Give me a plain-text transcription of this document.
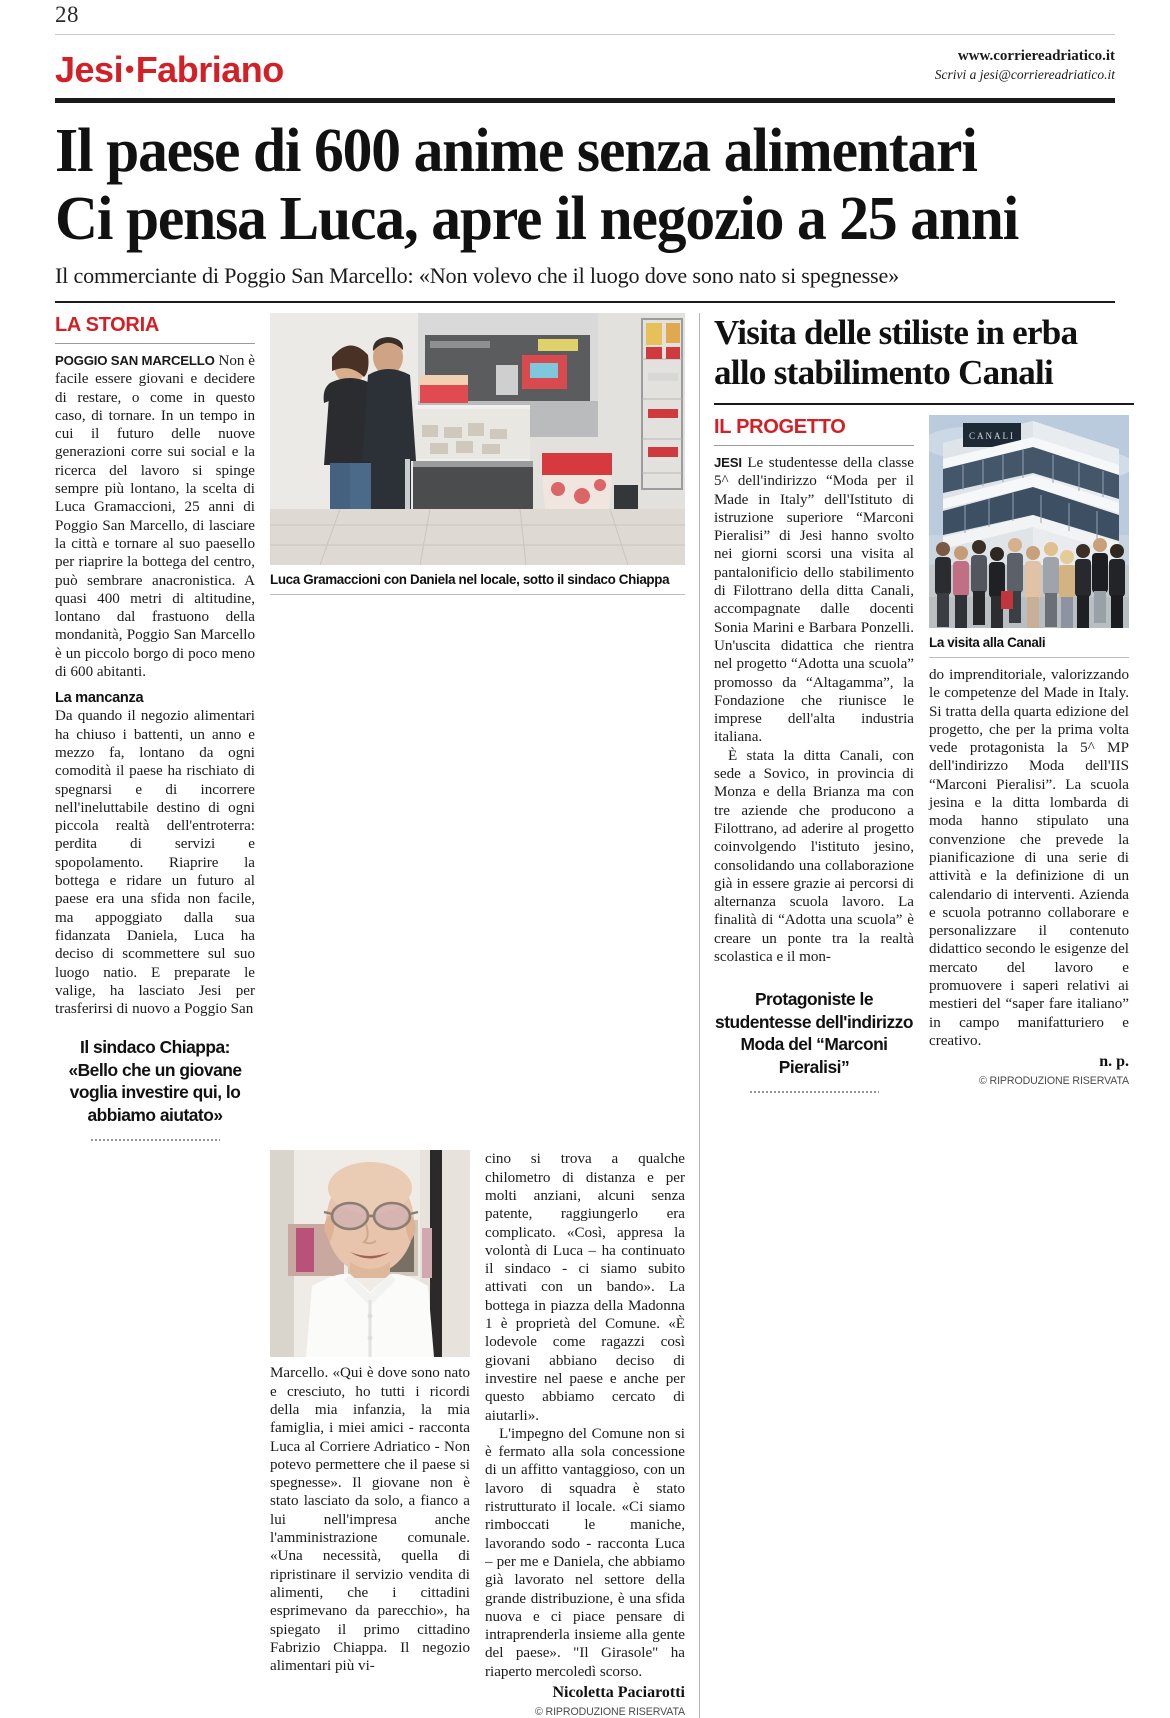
28
Jesi•Fabriano	www.corriereadriatico.it
Scrivi a jesi@corriereadriatico.it
Il paese di 600 anime senza alimentari
Ci pensa Luca, apre il negozio a 25 anni
Il commerciante di Poggio San Marcello: «Non volevo che il luogo dove sono nato si spegnesse»
LA STORIA

POGGIO SAN MARCELLO Non è facile essere giovani e decidere di restare, o come in questo caso, di tornare. In un tempo in cui il futuro delle nuove generazioni corre sui social e la ricerca del lavoro si spinge sempre più lontano, la scelta di Luca Gramaccioni, 25 anni di Poggio San Marcello, di lasciare la città e tornare al suo paesello per riaprire la bottega del centro, può sembrare anacronistica. A quasi 400 metri di altitudine, lontano dal frastuono della mondanità, Poggio San Marcello è un piccolo borgo di poco meno di 600 abitanti.

La mancanza

Da quando il negozio alimentari ha chiuso i battenti, un anno e mezzo fa, lontano da ogni comodità il paese ha rischiato di spegnarsi e di incorrere nell'ineluttabile destino di ogni piccola realtà dell'entroterra: perdita di servizi e spopolamento. Riaprire la bottega e ridare un futuro al paese era una sfida non facile, ma appoggiato dalla sua fidanzata Daniela, Luca ha deciso di scommettere sul suo luogo natio. E preparate le valige, ha lasciato Jesi per trasferirsi di nuovo a Poggio San

Il sindaco Chiappa: «Bello che un giovane voglia investire qui, lo abbiamo aiutato»
Luca Gramaccioni con Daniela nel locale, sotto il sindaco Chiappa

Marcello. «Qui è dove sono nato e cresciuto, ho tutti i ricordi della mia infanzia, la mia famiglia, i miei amici - racconta Luca al Corriere Adriatico - Non potevo permettere che il paese si spegnesse». Il giovane non è stato lasciato da solo, a fianco a lui nell'impresa anche l'amministrazione comunale. «Una necessità, quella di ripristinare il servizio vendita di alimenti, che i cittadini esprimevano da parecchio», ha spiegato il primo cittadino Fabrizio Chiappa. Il negozio alimentari più vi-

cino si trova a qualche chilometro di distanza e per molti anziani, alcuni senza patente, raggiungerlo era complicato. «Così, appresa la volontà di Luca – ha continuato il sindaco - ci siamo subito attivati con un bando». La bottega in piazza della Madonna 1 è proprietà del Comune. «È lodevole come ragazzi così giovani abbiano deciso di investire nel paese e anche per questo abbiamo cercato di aiutarli».

L'impegno del Comune non si è fermato alla sola concessione di un affitto vantaggioso, con un lavoro di squadra è stato ristrutturato il locale. «Ci siamo rimboccati le maniche, lavorando sodo - racconta Luca – per me e Daniela, che abbiamo già lavorato nel settore della grande distribuzione, è una sfida nuova e ci piace pensare di intraprenderla insieme alla gente del paese». "Il Girasole" ha riaperto mercoledì scorso.

Nicoletta Paciarotti
© RIPRODUZIONE RISERVATA
Visita delle stiliste in erba
allo stabilimento Canali
IL PROGETTO

JESI Le studentesse della classe 5^ dell'indirizzo “Moda per il Made in Italy” dell'Istituto di istruzione superiore “Marconi Pieralisi” di Jesi hanno svolto nei giorni scorsi una visita al pantalonificio dello stabilimento di Filottrano della ditta Canali, accompagnate dalle docenti Sonia Marini e Barbara Ponzelli. Un'uscita didattica che rientra nel progetto “Adotta una scuola” promosso da “Altagamma”, la Fondazione che riunisce le imprese dell'alta industria italiana.

È stata la ditta Canali, con sede a Sovico, in provincia di Monza e della Brianza ma con tre aziende che producono a Filottrano, ad aderire al progetto coinvolgendo l'istituto jesino, consolidando una collaborazione già in essere grazie ai percorsi di alternanza scuola lavoro. La finalità di “Adotta una scuola” è creare un ponte tra la realtà scolastica e il mon-

Protagoniste le studentesse dell'indirizzo Moda del “Marconi Pieralisi”
CANALI
La visita alla Canali

do imprenditoriale, valorizzando le competenze del Made in Italy. Si tratta della quarta edizione del progetto, che per la prima volta vede protagonista la 5^ MP dell'indirizzo Moda dell'IIS “Marconi Pieralisi”. La scuola jesina e la ditta lombarda di moda hanno stipulato una convenzione che prevede la pianificazione di una serie di attività e la definizione di un calendario di interventi. Azienda e scuola potranno collaborare e personalizzare il contenuto didattico secondo le esigenze del mercato del lavoro e promuovere i saperi relativi ai mestieri del “saper fare italiano” in campo manifatturiero e creativo.

n. p.
© RIPRODUZIONE RISERVATA
